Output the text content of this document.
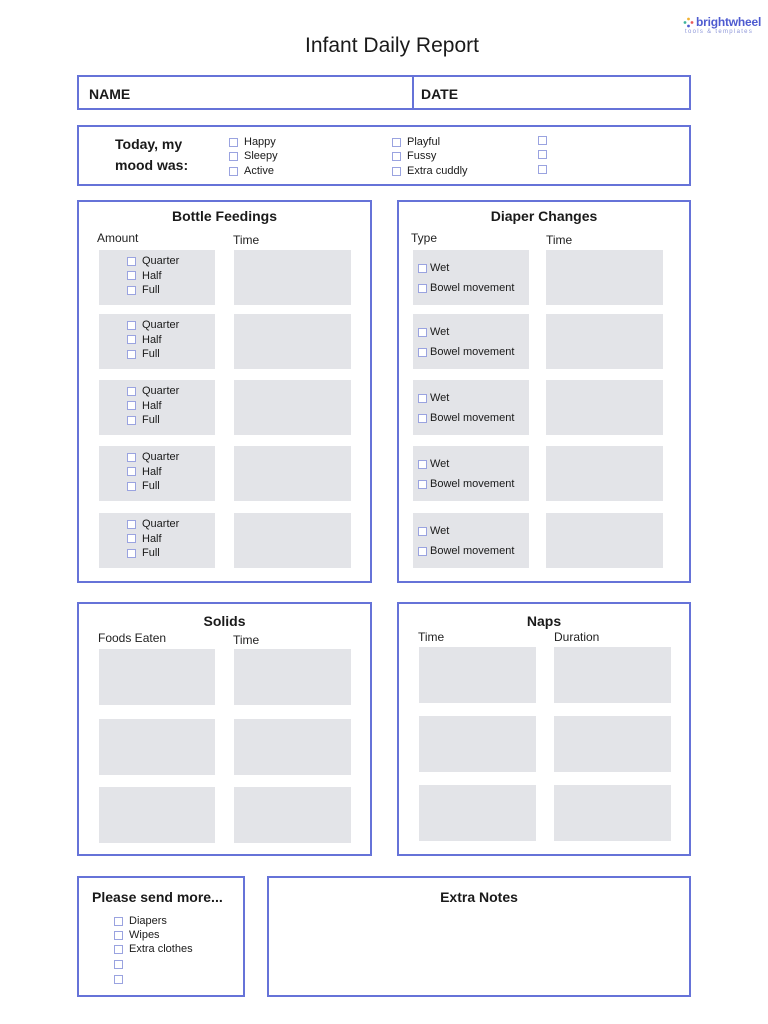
brightwheel
tools & templates
Infant Daily Report
NAME	DATE
Today, my
mood was:
Happy
Sleepy
Active
Playful
Fussy
Extra cuddly
Bottle Feedings
Amount	Time
Quarter
Half
Full
Quarter
Half
Full
Quarter
Half
Full
Quarter
Half
Full
Quarter
Half
Full
Diaper Changes
Type	Time
Wet
Bowel movement
Wet
Bowel movement
Wet
Bowel movement
Wet
Bowel movement
Wet
Bowel movement
Solids
Foods Eaten	Time
Naps
Time	Duration
Please send more...
Diapers
Wipes
Extra clothes
Extra Notes
